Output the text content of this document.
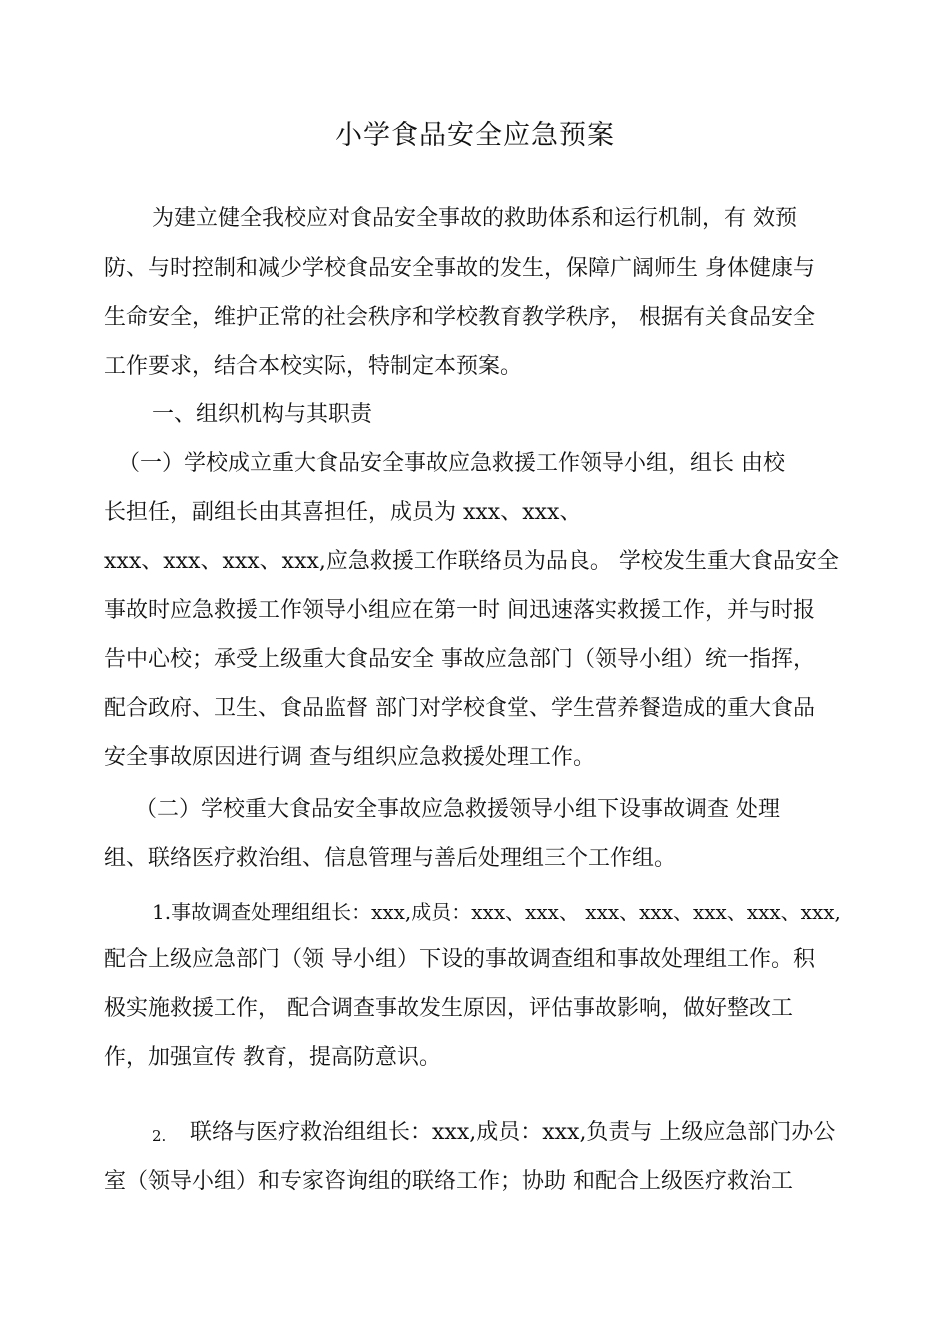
小学食品安全应急预案
为建立健全我校应对食品安全事故的救助体系和运行机制，有 效预
防、与时控制和减少学校食品安全事故的发生，保障广阔师生 身体健康与
生命安全，维护正常的社会秩序和学校教育教学秩序， 根据有关食品安全
工作要求，结合本校实际，特制定本预案。
一、组织机构与其职责
（一）学校成立重大食品安全事故应急救援工作领导小组，组长 由校
长担任，副组长由其喜担任，成员为 xxx、xxx、
xxx、xxx、xxx、xxx,应急救援工作联络员为品良。 学校发生重大食品安全
事故时应急救援工作领导小组应在第一时 间迅速落实救援工作，并与时报
告中心校；承受上级重大食品安全 事故应急部门（领导小组）统一指挥，
配合政府、卫生、食品监督 部门对学校食堂、学生营养餐造成的重大食品
安全事故原因进行调 查与组织应急救援处理工作。
（二）学校重大食品安全事故应急救援领导小组下设事故调查 处理
组、联络医疗救治组、信息管理与善后处理组三个工作组。
1.事故调查处理组组长：xxx,成员：xxx、xxx、 xxx、xxx、xxx、xxx、xxx,
配合上级应急部门（领 导小组）下设的事故调查组和事故处理组工作。积
极实施救援工作， 配合调查事故发生原因，评估事故影响，做好整改工
作，加强宣传 教育，提高防意识。
2.	联络与医疗救治组组长：xxx,成员：xxx,负责与 上级应急部门办公
室（领导小组）和专家咨询组的联络工作；协助 和配合上级医疗救治工
